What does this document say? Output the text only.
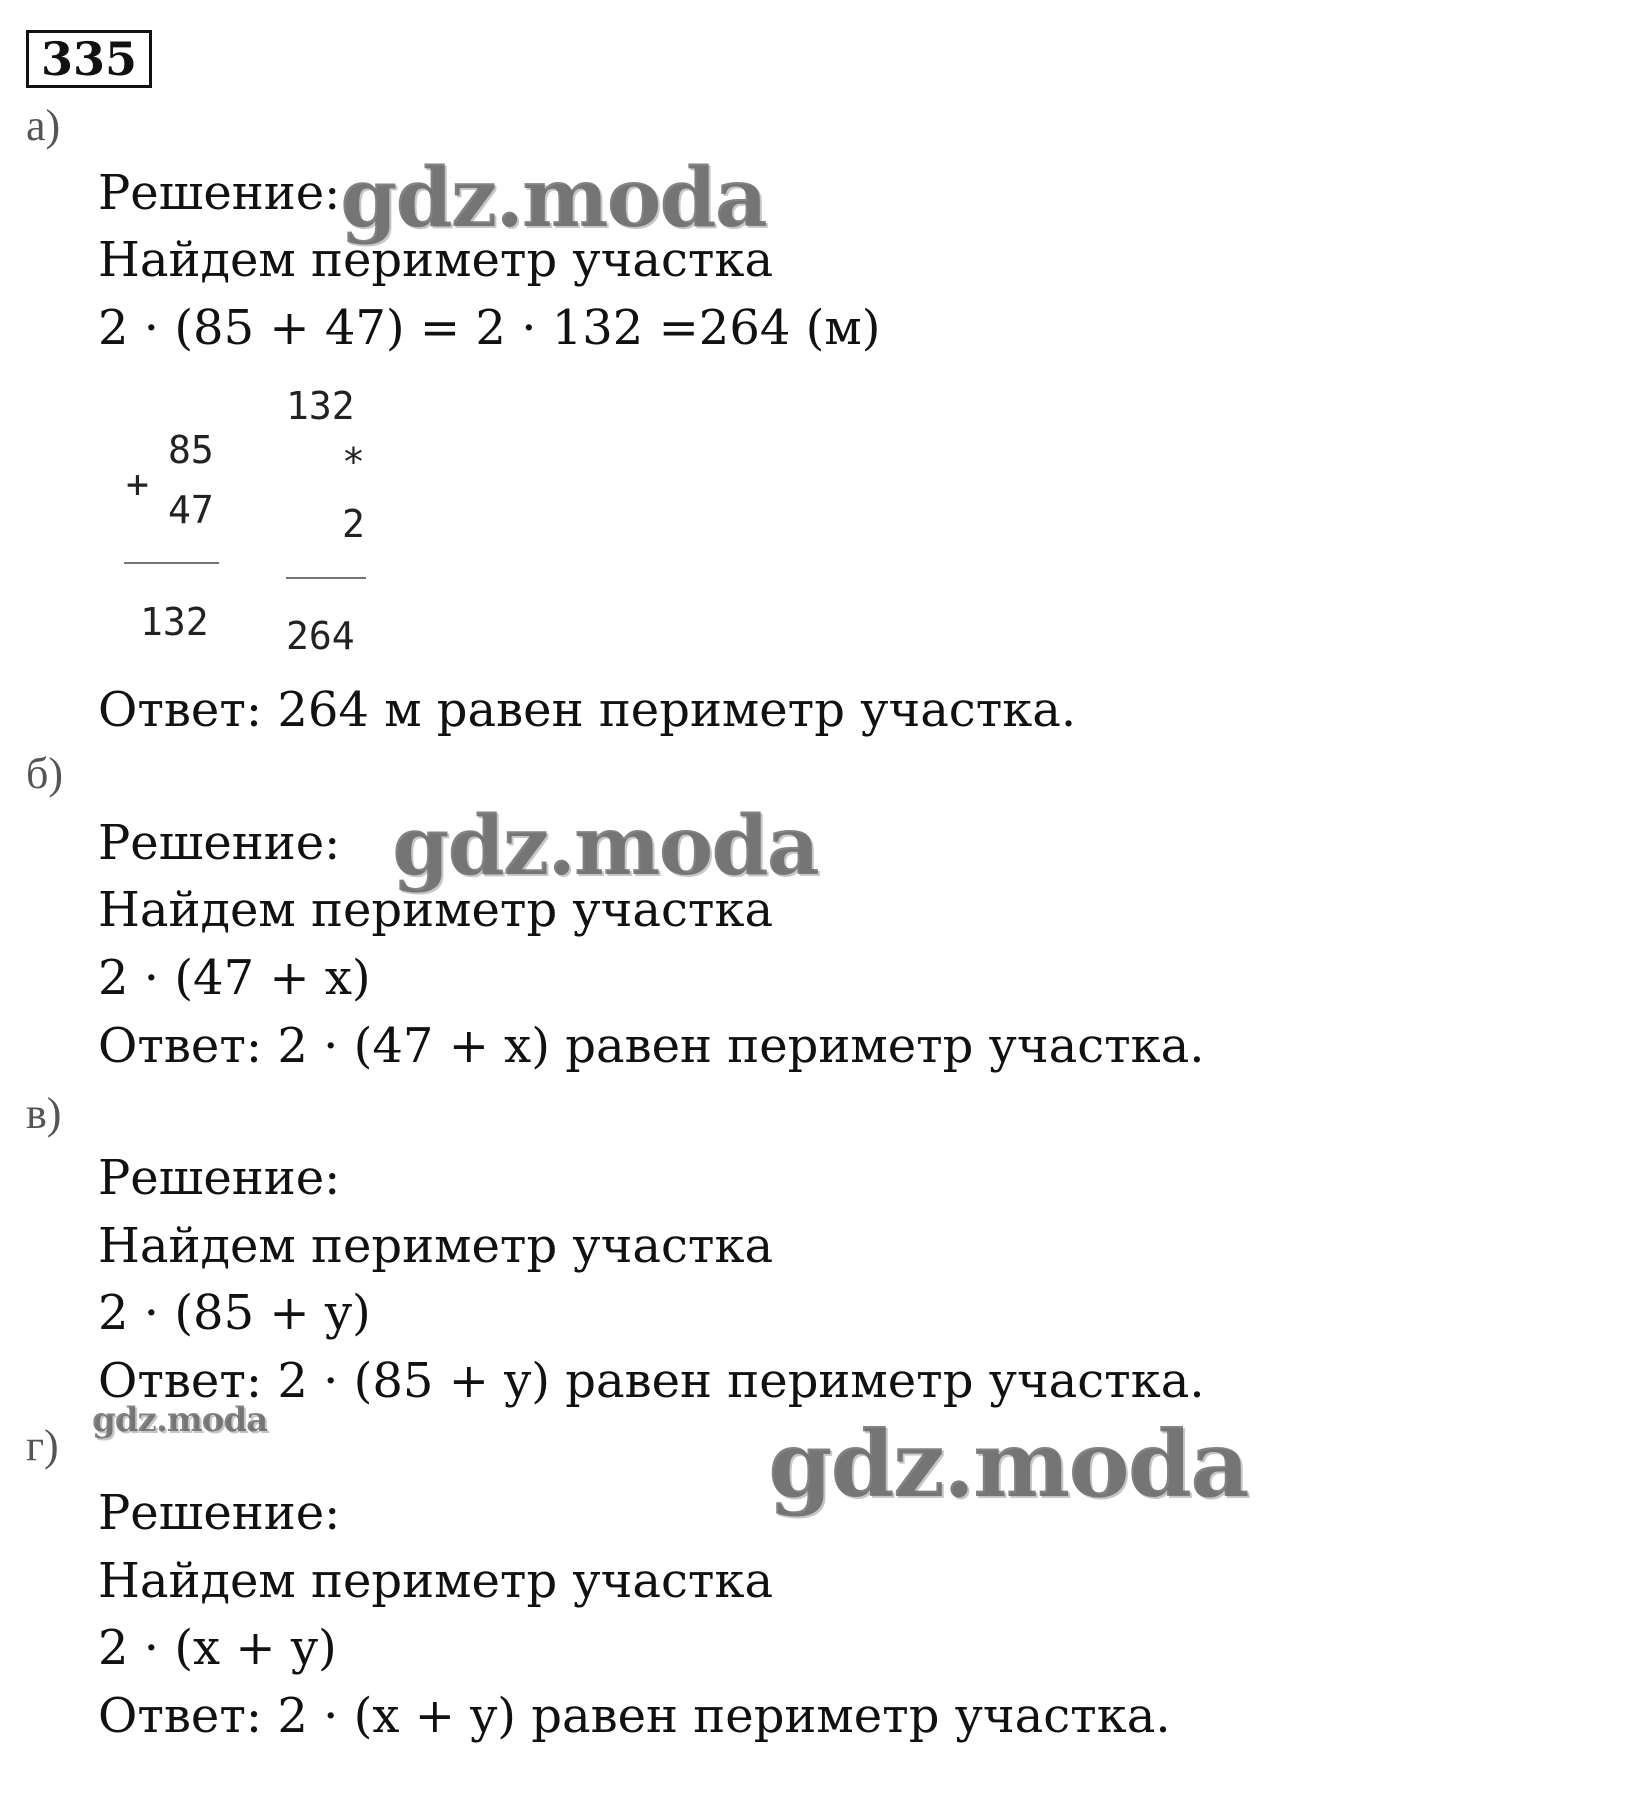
335
а)
Решение: gdz.moda
Найдем периметр участка
2 · (85 + 47) = 2 · 132 =264 (м)
85
+
47
132
132
*
2
264
Ответ: 264 м равен периметр участка.
б)
Решение: gdz.moda
Найдем периметр участка
2 · (47 + x)
Ответ: 2 · (47 + x) равен периметр участка.
в)
Решение:
Найдем периметр участка
2 · (85 + y)
Ответ: 2 · (85 + y) равен периметр участка.
gdz.moda
г)	gdz.moda
Решение:
Найдем периметр участка
2 · (x + y)
Ответ: 2 · (x + y) равен периметр участка.
